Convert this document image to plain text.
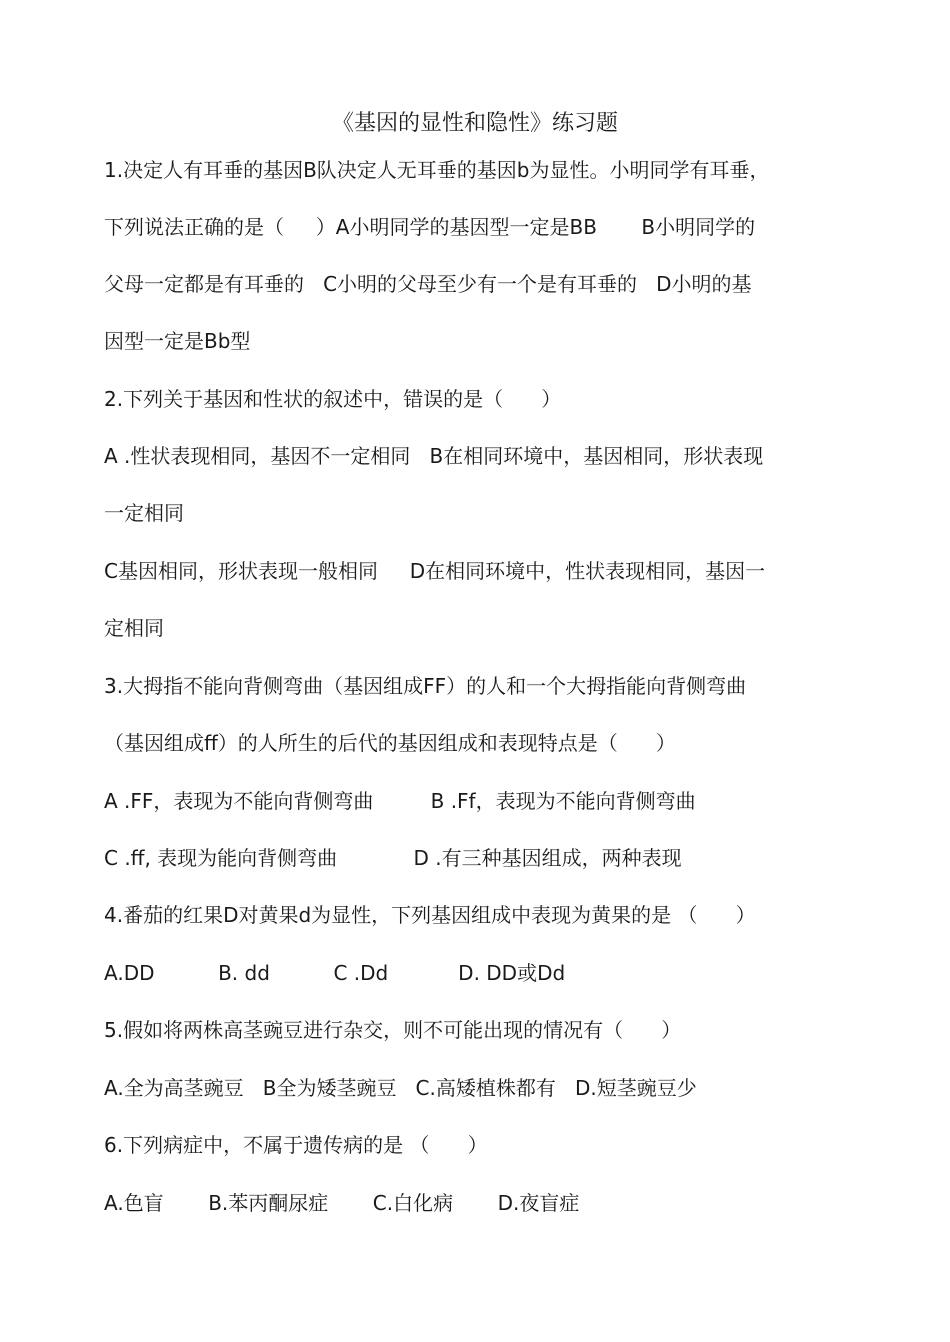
《基因的显性和隐性》练习题
1.决定人有耳垂的基因B队决定人无耳垂的基因b为显性。小明同学有耳垂，
下列说法正确的是（     ）A小明同学的基因型一定是BB       B小明同学的
父母一定都是有耳垂的   C小明的父母至少有一个是有耳垂的   D小明的基
因型一定是Bb型
2.下列关于基因和性状的叙述中，错误的是（      ）
A .性状表现相同，基因不一定相同   B在相同环境中，基因相同，形状表现
一定相同
C基因相同，形状表现一般相同     D在相同环境中，性状表现相同，基因一
定相同
3.大拇指不能向背侧弯曲（基因组成FF）的人和一个大拇指能向背侧弯曲
（基因组成ff）的人所生的后代的基因组成和表现特点是（      ）
A .FF，表现为不能向背侧弯曲         B .Ff，表现为不能向背侧弯曲
C .ff, 表现为能向背侧弯曲            D .有三种基因组成，两种表现
4.番茄的红果D对黄果d为显性，下列基因组成中表现为黄果的是 （      ）
A.DD          B. dd          C .Dd           D. DD或Dd
5.假如将两株高茎豌豆进行杂交，则不可能出现的情况有（      ）
A.全为高茎豌豆   B全为矮茎豌豆   C.高矮植株都有   D.短茎豌豆少
6.下列病症中，不属于遗传病的是 （      ）
A.色盲       B.苯丙酮尿症       C.白化病       D.夜盲症
